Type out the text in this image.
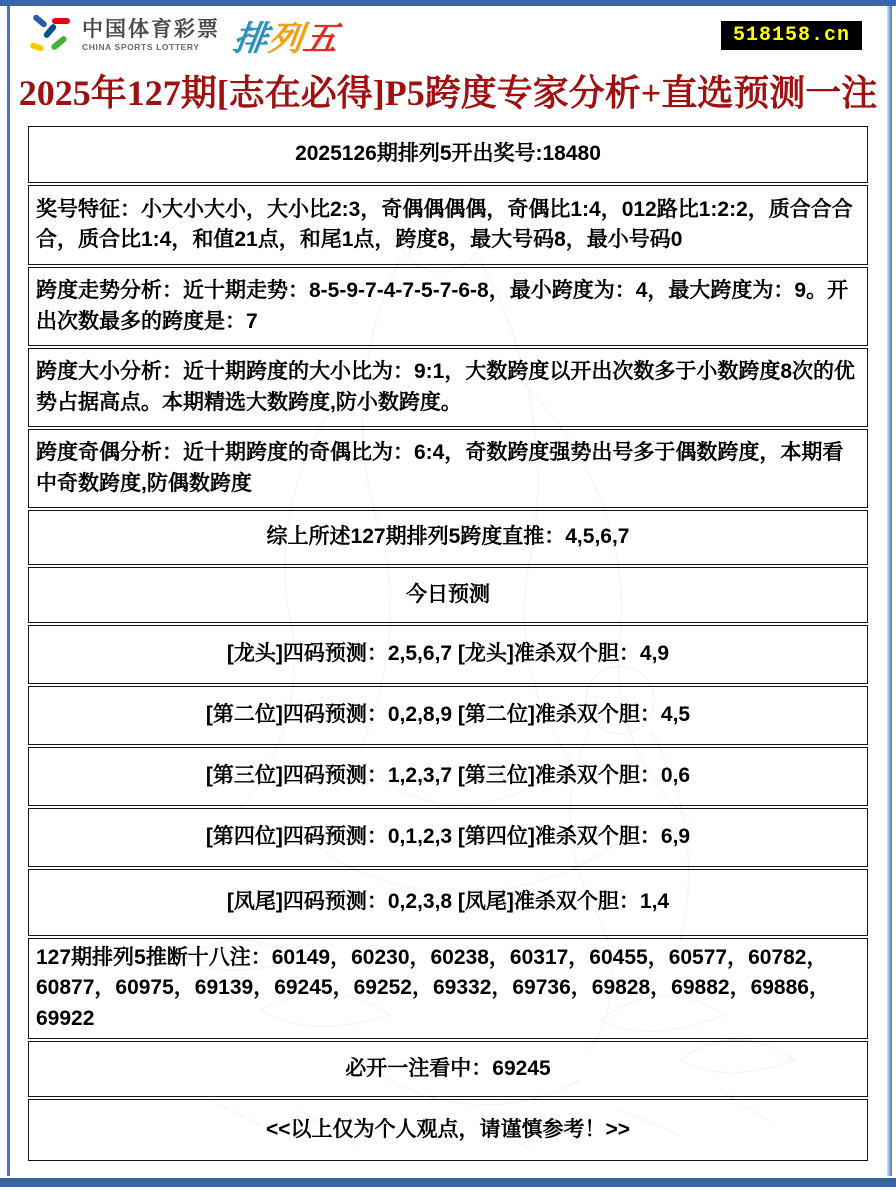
中国体育彩票
CHINA SPORTS LOTTERY 排列五	518158.cn
2025年127期[志在必得]P5跨度专家分析+直选预测一注
2025126期排列5开出奖号:18480
奖号特征：小大小大小，大小比2:3，奇偶偶偶偶，奇偶比1:4，012路比1:2:2，质合合合合，质合比1:4，和值21点，和尾1点，跨度8，最大号码8，最小号码0
跨度走势分析：近十期走势：8-5-9-7-4-7-5-7-6-8，最小跨度为：4，最大跨度为：9。开出次数最多的跨度是：7
跨度大小分析：近十期跨度的大小比为：9:1，大数跨度以开出次数多于小数跨度8次的优势占据高点。本期精选大数跨度,防小数跨度。
跨度奇偶分析：近十期跨度的奇偶比为：6:4，奇数跨度强势出号多于偶数跨度，本期看中奇数跨度,防偶数跨度
综上所述127期排列5跨度直推：4,5,6,7
今日预测
[龙头]四码预测：2,5,6,7 [龙头]准杀双个胆：4,9
[第二位]四码预测：0,2,8,9 [第二位]准杀双个胆：4,5
[第三位]四码预测：1,2,3,7 [第三位]准杀双个胆：0,6
[第四位]四码预测：0,1,2,3 [第四位]准杀双个胆：6,9
[凤尾]四码预测：0,2,3,8 [凤尾]准杀双个胆：1,4
127期排列5推断十八注：60149，60230，60238，60317，60455，60577，60782，60877，60975，69139，69245，69252，69332，69736，69828，69882，69886，69922
必开一注看中：69245
<<以上仅为个人观点，请谨慎参考！>>
